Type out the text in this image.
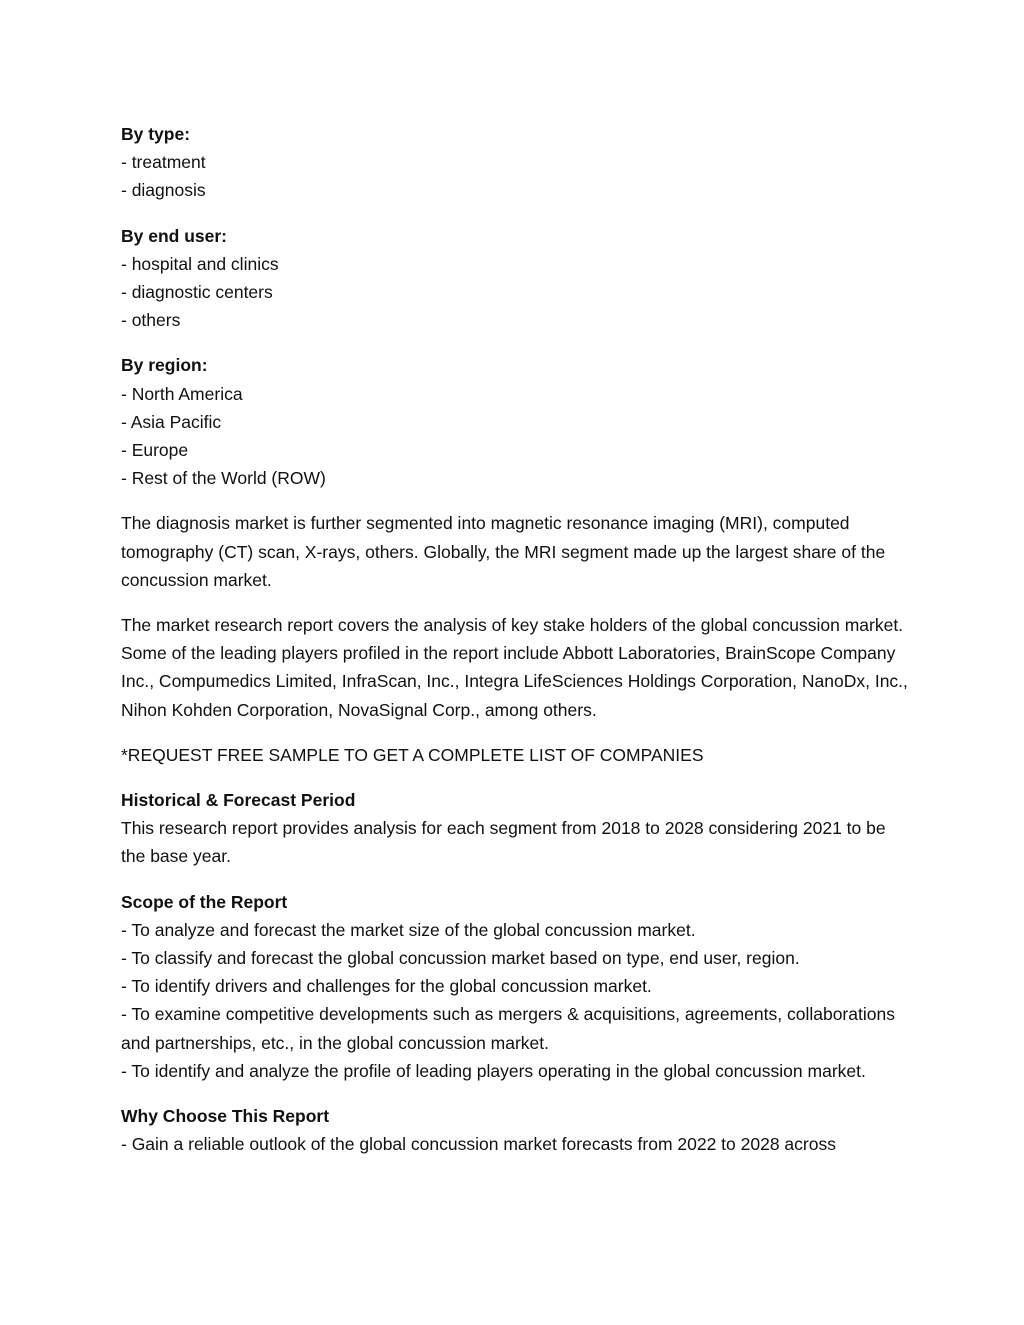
By type:
- treatment
- diagnosis
By end user:
- hospital and clinics
- diagnostic centers
- others
By region:
- North America
- Asia Pacific
- Europe
- Rest of the World (ROW)
The diagnosis market is further segmented into magnetic resonance imaging (MRI), computed tomography (CT) scan, X-rays, others. Globally, the MRI segment made up the largest share of the concussion market.
The market research report covers the analysis of key stake holders of the global concussion market. Some of the leading players profiled in the report include Abbott Laboratories, BrainScope Company Inc., Compumedics Limited, InfraScan, Inc., Integra LifeSciences Holdings Corporation, NanoDx, Inc., Nihon Kohden Corporation, NovaSignal Corp., among others.
*REQUEST FREE SAMPLE TO GET A COMPLETE LIST OF COMPANIES
Historical & Forecast Period
This research report provides analysis for each segment from 2018 to 2028 considering 2021 to be the base year.
Scope of the Report
- To analyze and forecast the market size of the global concussion market.
- To classify and forecast the global concussion market based on type, end user, region.
- To identify drivers and challenges for the global concussion market.
- To examine competitive developments such as mergers & acquisitions, agreements, collaborations and partnerships, etc., in the global concussion market.
- To identify and analyze the profile of leading players operating in the global concussion market.
Why Choose This Report
- Gain a reliable outlook of the global concussion market forecasts from 2022 to 2028 across
